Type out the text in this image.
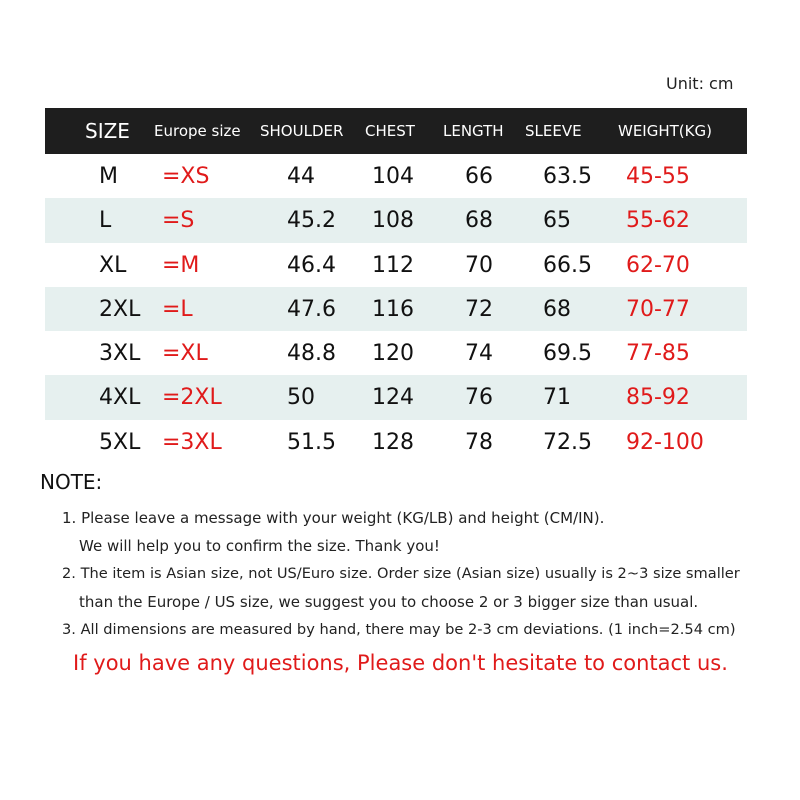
Unit: cm
SIZE Europe size SHOULDER CHEST LENGTH SLEEVE WEIGHT(KG)
M =XS	44	104 66 63.5 45-55
L =S	45.2 108 68 65	55-62
XL =M	46.4 112 70 66.5 62-70
2XL =L	47.6 116 72 68	70-77
3XL =XL	48.8 120 74 69.5 77-85
4XL =2XL	50	124 76 71	85-92
5XL =3XL	51.5 128 78 72.5 92-100
NOTE:
1. Please leave a message with your weight (KG/LB) and height (CM/IN).
We will help you to confirm the size. Thank you!
2. The item is Asian size, not US/Euro size. Order size (Asian size) usually is 2~3 size smaller
than the Europe / US size, we suggest you to choose 2 or 3 bigger size than usual.
3. All dimensions are measured by hand, there may be 2-3 cm deviations. (1 inch=2.54 cm)
If you have any questions, Please don't hesitate to contact us.
